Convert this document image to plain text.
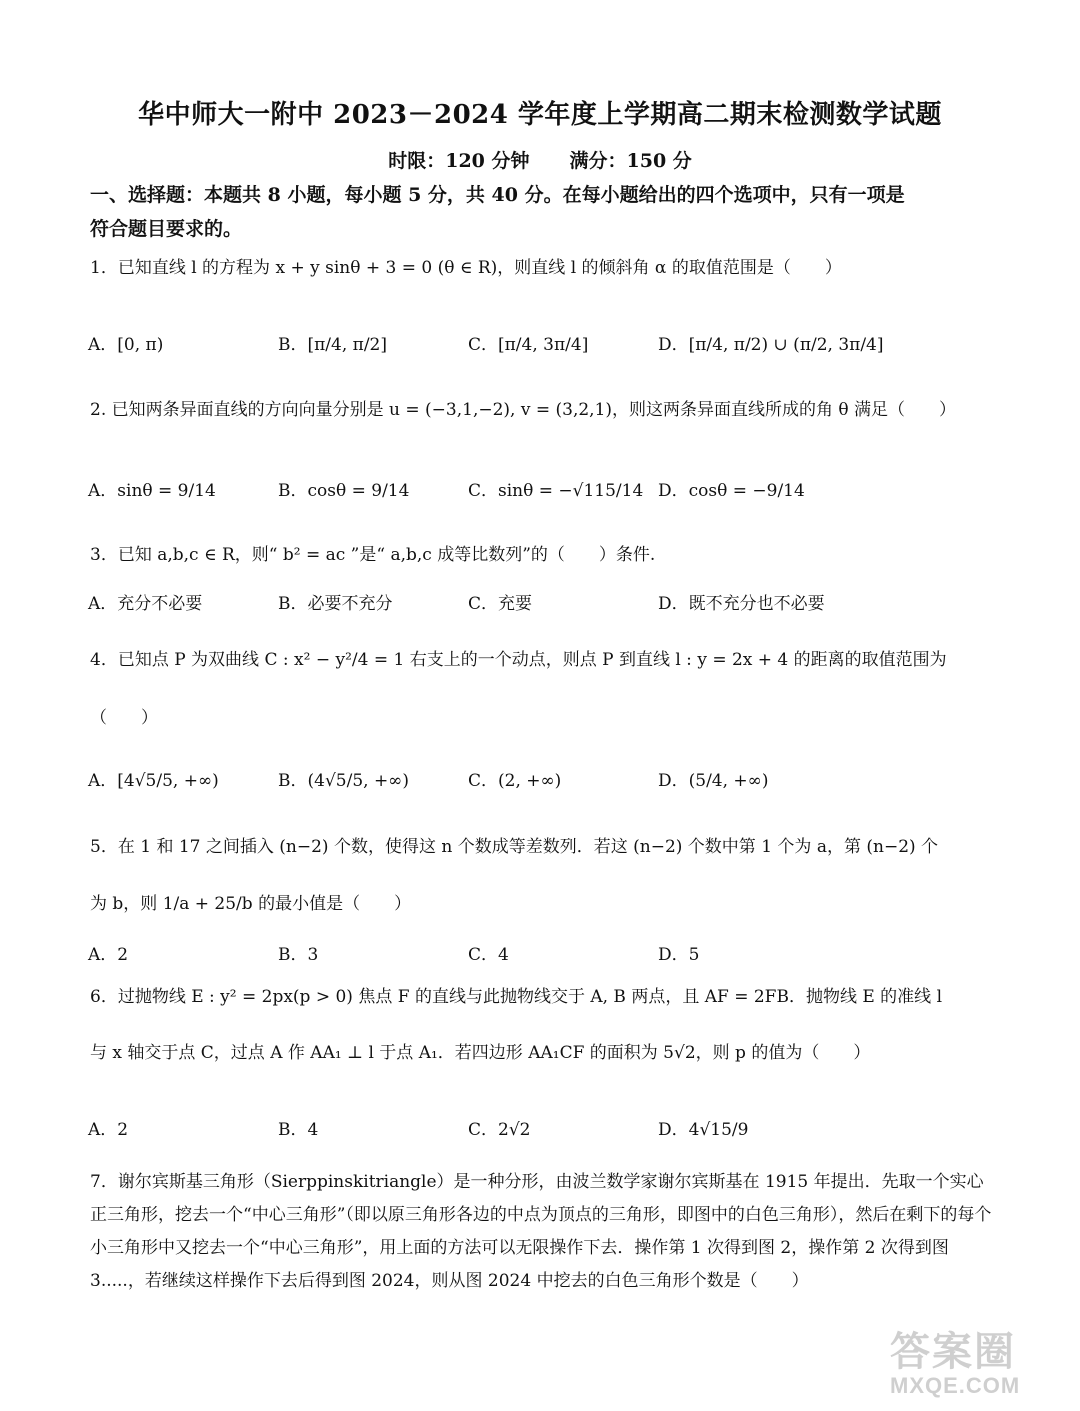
华中师大一附中 2023－2024 学年度上学期高二期末检测数学试题
时限：120 分钟 满分：150 分
一、选择题：本题共 8 小题，每小题 5 分，共 40 分。在每小题给出的四个选项中，只有一项是
符合题目要求的。
1．已知直线 l 的方程为 x + y sinθ + 3 = 0 (θ ∈ R)，则直线 l 的倾斜角 α 的取值范围是（　　）
A．[0, π)	B．[π/4, π/2]	C．[π/4, 3π/4]	D．[π/4, π/2) ∪ (π/2, 3π/4]
2. 已知两条异面直线的方向向量分别是 u = (−3,1,−2), v = (3,2,1)，则这两条异面直线所成的角 θ 满足（　　）
A．sinθ = 9/14	B．cosθ = 9/14	C．sinθ = −√115/14 D．cosθ = −9/14
3．已知 a,b,c ∈ R，则“ b² = ac ”是“ a,b,c 成等比数列”的（　　）条件.
A．充分不必要	B．必要不充分	C．充要	D．既不充分也不必要
4．已知点 P 为双曲线 C : x² − y²/4 = 1 右支上的一个动点，则点 P 到直线 l : y = 2x + 4 的距离的取值范围为
（　　）
A．[4√5/5, +∞)	B．(4√5/5, +∞)	C．(2, +∞)	D．(5/4, +∞)
5．在 1 和 17 之间插入 (n−2) 个数，使得这 n 个数成等差数列．若这 (n−2) 个数中第 1 个为 a，第 (n−2) 个
为 b，则 1/a + 25/b 的最小值是（　　）
A．2	B．3	C．4	D．5
6．过抛物线 E : y² = 2px(p > 0) 焦点 F 的直线与此抛物线交于 A, B 两点，且 AF = 2FB．抛物线 E 的准线 l
与 x 轴交于点 C，过点 A 作 AA₁ ⊥ l 于点 A₁．若四边形 AA₁CF 的面积为 5√2，则 p 的值为（　　）
A．2	B．4	C．2√2	D．4√15/9
7．谢尔宾斯基三角形（Sierppinskitriangle）是一种分形，由波兰数学家谢尔宾斯基在 1915 年提出．先取一个实心正三角形，挖去一个“中心三角形”（即以原三角形各边的中点为顶点的三角形，即图中的白色三角形），然后在剩下的每个小三角形中又挖去一个“中心三角形”，用上面的方法可以无限操作下去．操作第 1 次得到图 2，操作第 2 次得到图 3.....，若继续这样操作下去后得到图 2024，则从图 2024 中挖去的白色三角形个数是（　　）
答案圈
MXQE.COM
